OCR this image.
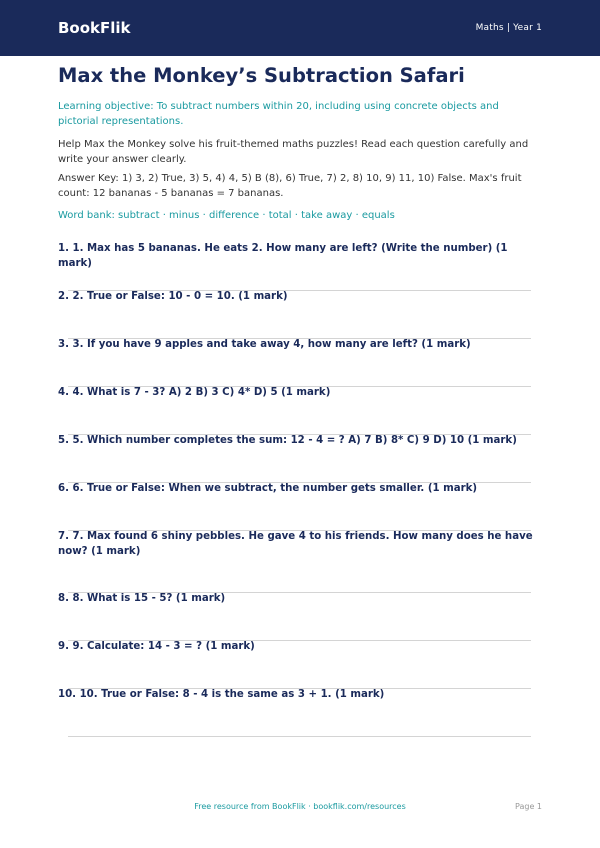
BookFlik	Maths | Year 1
Max the Monkey’s Subtraction Safari

Learning objective: To subtract numbers within 20, including using concrete objects and pictorial representations.

Help Max the Monkey solve his fruit-themed maths puzzles! Read each question carefully and write your answer clearly.

Answer Key: 1) 3, 2) True, 3) 5, 4) 4, 5) B (8), 6) True, 7) 2, 8) 10, 9) 11, 10) False. Max's fruit count: 12 bananas - 5 bananas = 7 bananas.

Word bank: subtract · minus · difference · total · take away · equals

1. 1. Max has 5 bananas. He eats 2. How many are left? (Write the number) (1 mark)
2. 2. True or False: 10 - 0 = 10. (1 mark)
3. 3. If you have 9 apples and take away 4, how many are left? (1 mark)
4. 4. What is 7 - 3? A) 2 B) 3 C) 4* D) 5 (1 mark)
5. 5. Which number completes the sum: 12 - 4 = ? A) 7 B) 8* C) 9 D) 10 (1 mark)
6. 6. True or False: When we subtract, the number gets smaller. (1 mark)
7. 7. Max found 6 shiny pebbles. He gave 4 to his friends. How many does he have now? (1 mark)
8. 8. What is 15 - 5? (1 mark)
9. 9. Calculate: 14 - 3 = ? (1 mark)
10. 10. True or False: 8 - 4 is the same as 3 + 1. (1 mark)
Free resource from BookFlik · bookflik.com/resources	Page 1
